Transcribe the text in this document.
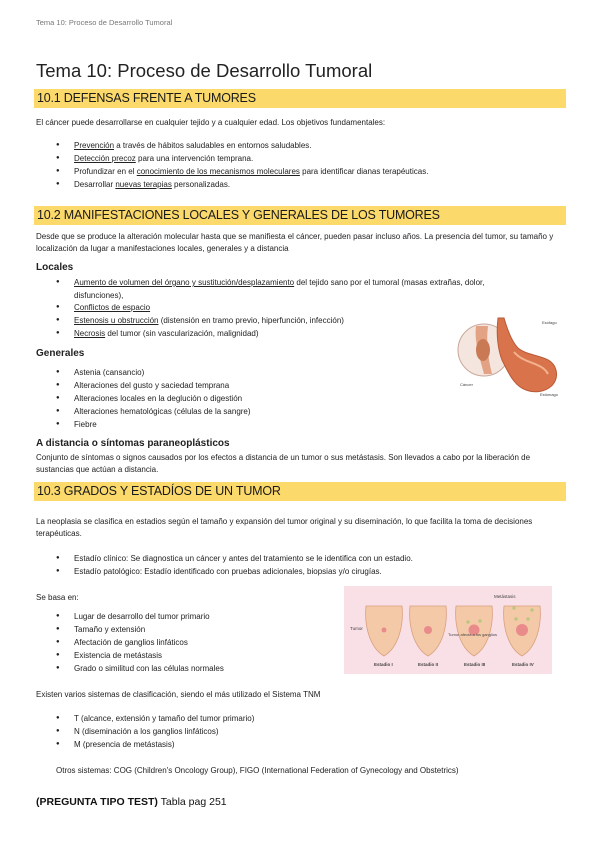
Tema 10: Proceso de Desarrollo Tumoral
Tema 10: Proceso de Desarrollo Tumoral
10.1 DEFENSAS FRENTE A TUMORES
El cáncer puede desarrollarse en cualquier tejido y a cualquier edad. Los objetivos fundamentales:
● Prevención a través de hábitos saludables en entornos saludables.
● Detección precoz para una intervención temprana.
● Profundizar en el conocimiento de los mecanismos moleculares para identificar dianas terapéuticas.
● Desarrollar nuevas terapias personalizadas.
10.2 MANIFESTACIONES LOCALES Y GENERALES DE LOS TUMORES
Desde que se produce la alteración molecular hasta que se manifiesta el cáncer, pueden pasar incluso años. La presencia del tumor, su tamaño y localización da lugar a manifestaciones locales, generales y a distancia
Locales
● Aumento de volumen del órgano y sustitución/desplazamiento del tejido sano por el tumoral (masas extrañas, dolor,
disfunciones),
● Conflictos de espacio
● Estenosis u obstrucción (distensión en tramo previo, hiperfunción, infección)
● Necrosis del tumor (sin vascularización, malignidad)
Esófago
Cáncer
Estómago
Generales
● Astenia (cansancio)
● Alteraciones del gusto y saciedad temprana
● Alteraciones locales en la deglución o digestión
● Alteraciones hematológicas (células de la sangre)
● Fiebre
A distancia o síntomas paraneoplásticos
Conjunto de síntomas o signos causados por los efectos a distancia de un tumor o sus metástasis. Son llevados a cabo por la liberación de sustancias que actúan a distancia.
10.3 GRADOS Y ESTADÍOS DE UN TUMOR
La neoplasia se clasifica en estadios según el tamaño y expansión del tumor original y su diseminación, lo que facilita la toma de decisiones terapéuticas.
● Estadío clínico: Se diagnostica un cáncer y antes del tratamiento se le identifica con un estadio.
● Estadío patológico: Estadío identificado con pruebas adicionales, biopsias y/o cirugías.
Se basa en:
● Lugar de desarrollo del tumor primario
● Tamaño y extensión
● Afectación de ganglios linfáticos
● Existencia de metástasis
● Grado o similitud con las células normales
Tumor
Tumor afecta a los ganglios
Metástasis
Estadio I	Estadio II	Estadio III	Estadio IV
Existen varios sistemas de clasificación, siendo el más utilizado el Sistema TNM
● T (alcance, extensión y tamaño del tumor primario)
● N (diseminación a los ganglios linfáticos)
● M (presencia de metástasis)
Otros sistemas: COG (Children's Oncology Group), FIGO (International Federation of Gynecology and Obstetrics)
(PREGUNTA TIPO TEST) Tabla pag 251
